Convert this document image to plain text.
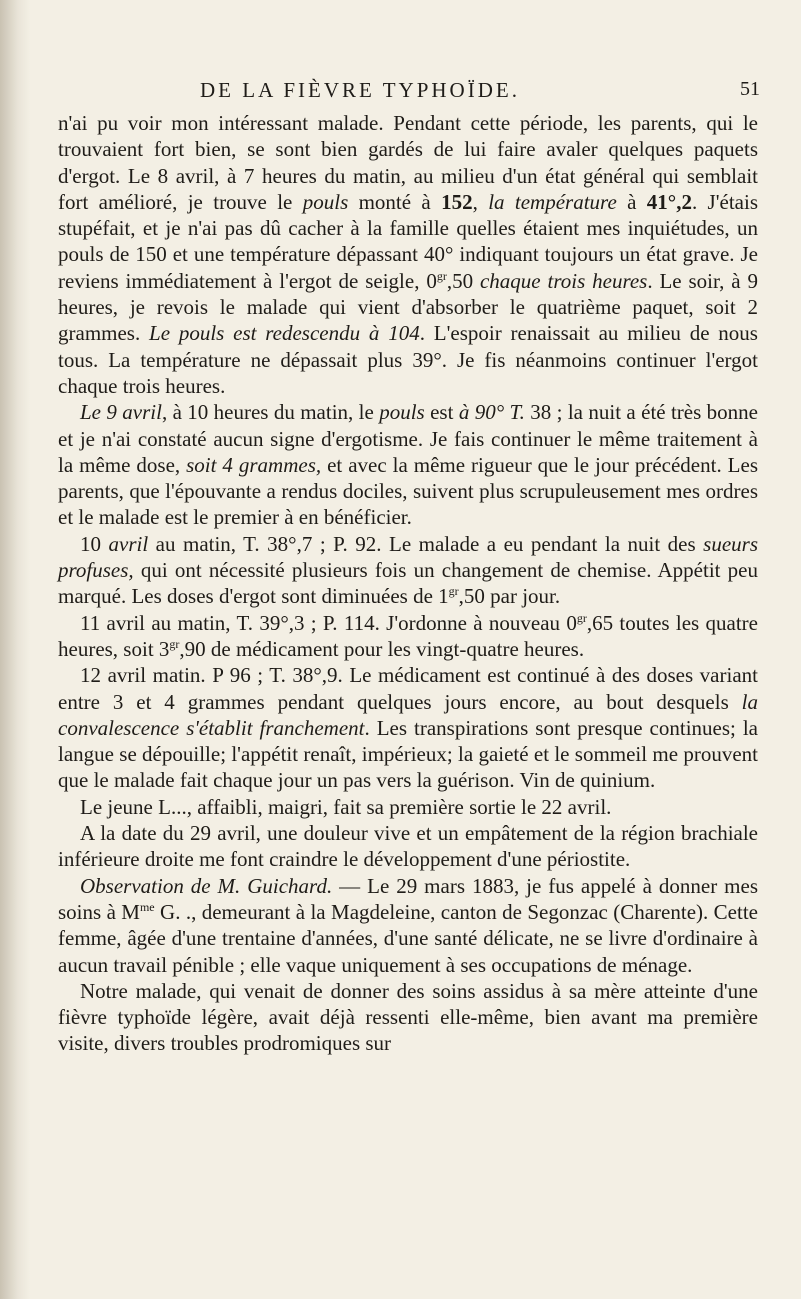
DE LA FIÈVRE TYPHOÏDE.	51

n'ai pu voir mon intéressant malade. Pendant cette période, les parents, qui le trouvaient fort bien, se sont bien gardés de lui faire avaler quelques paquets d'ergot. Le 8 avril, à 7 heures du matin, au milieu d'un état général qui semblait fort amélioré, je trouve le pouls monté à 152, la température à 41°,2. J'étais stupéfait, et je n'ai pas dû cacher à la famille quelles étaient mes inquiétudes, un pouls de 150 et une température dépassant 40° indiquant toujours un état grave. Je reviens immédiatement à l'ergot de seigle, $0^{gr},50$ chaque trois heures. Le soir, à 9 heures, je revois le malade qui vient d'absorber le quatrième paquet, soit 2 grammes. Le pouls est redescendu à 104. L'espoir renaissait au milieu de nous tous. La température ne dépassait plus 39°. Je fis néanmoins continuer l'ergot chaque trois heures.

Le 9 avril, à 10 heures du matin, le pouls est à 90° T. 38 ; la nuit a été très bonne et je n'ai constaté aucun signe d'ergotisme. Je fais continuer le même traitement à la même dose, soit 4 grammes, et avec la même rigueur que le jour précédent. Les parents, que l'épouvante a rendus dociles, suivent plus scrupuleusement mes ordres et le malade est le premier à en bénéficier.

10 avril au matin, T. 38°,7 ; P. 92. Le malade a eu pendant la nuit des sueurs profuses, qui ont nécessité plusieurs fois un changement de chemise. Appétit peu marqué. Les doses d'ergot sont diminuées de $1^{gr},50$ par jour.

11 avril au matin, T. 39°,3 ; P. 114. J'ordonne à nouveau $0^{gr},65$ toutes les quatre heures, soit $3^{gr},90$ de médicament pour les vingt-quatre heures.

12 avril matin. P 96 ; T. 38°,9. Le médicament est continué à des doses variant entre 3 et 4 grammes pendant quelques jours encore, au bout desquels la convalescence s'établit franchement. Les transpirations sont presque continues; la langue se dépouille; l'appétit renaît, impérieux; la gaieté et le sommeil me prouvent que le malade fait chaque jour un pas vers la guérison. Vin de quinium.

Le jeune L..., affaibli, maigri, fait sa première sortie le 22 avril.

A la date du 29 avril, une douleur vive et un empâtement de la région brachiale inférieure droite me font craindre le développement d'une périostite.

Observation de M. Guichard. — Le 29 mars 1883, je fus appelé à donner mes soins à $M^{me}$ G. ., demeurant à la Magdeleine, canton de Segonzac (Charente). Cette femme, âgée d'une trentaine d'années, d'une santé délicate, ne se livre d'ordinaire à aucun travail pénible ; elle vaque uniquement à ses occupations de ménage.

Notre malade, qui venait de donner des soins assidus à sa mère atteinte d'une fièvre typhoïde légère, avait déjà ressenti elle-même, bien avant ma première visite, divers troubles prodromiques sur
